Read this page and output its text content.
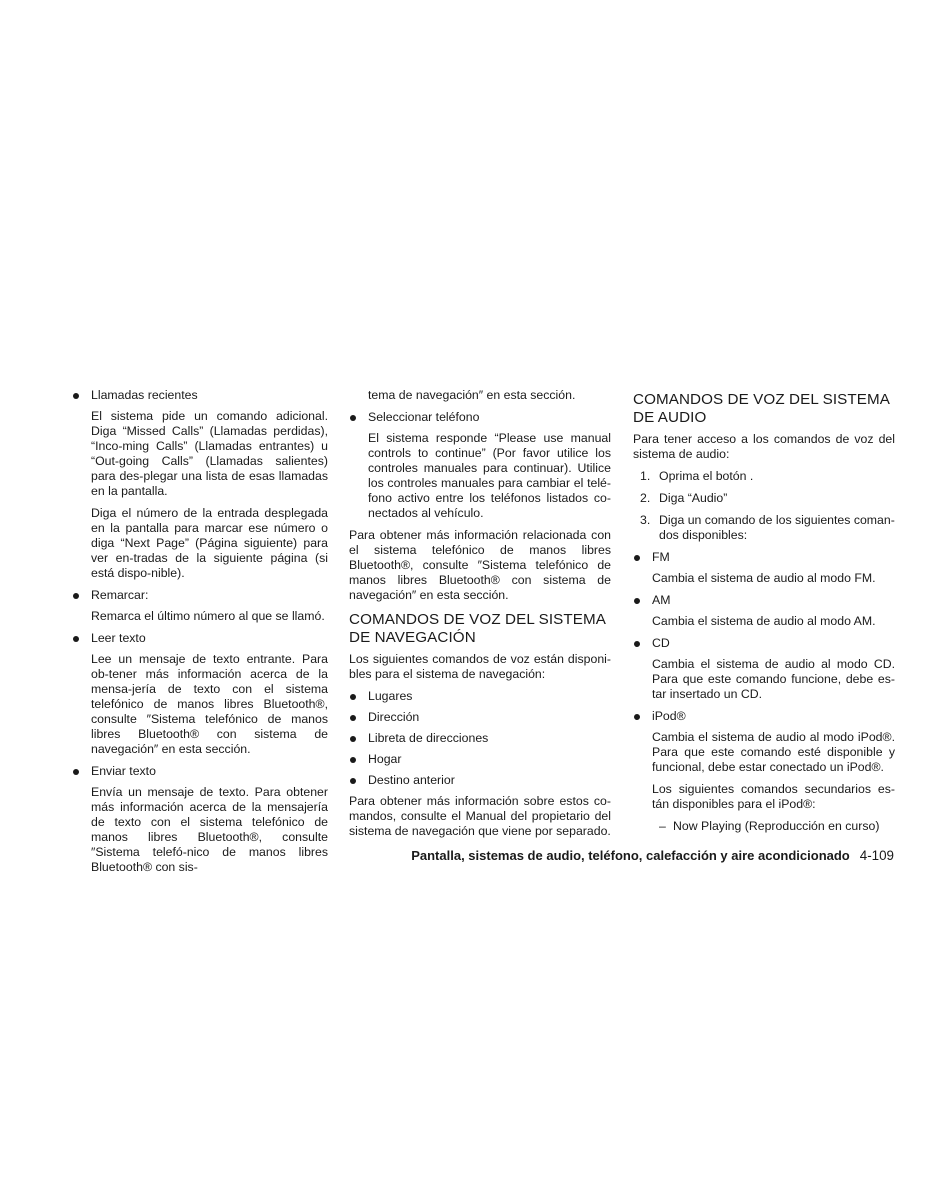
Llamadas recientes

El sistema pide un comando adicional. Diga “Missed Calls” (Llamadas perdidas), “Inco-ming Calls” (Llamadas entrantes) u “Out-going Calls” (Llamadas salientes) para des-plegar una lista de esas llamadas en la pantalla.

Diga el número de la entrada desplegada en la pantalla para marcar ese número o diga “Next Page” (Página siguiente) para ver en-tradas de la siguiente página (si está dispo-nible).

Remarcar:

Remarca el último número al que se llamó.

Leer texto

Lee un mensaje de texto entrante. Para ob-tener más información acerca de la mensa-jería de texto con el sistema telefónico de manos libres Bluetooth®, consulte ″Sistema telefónico de manos libres Bluetooth® con sistema de navegación″ en esta sección.

Enviar texto

Envía un mensaje de texto. Para obtener más información acerca de la mensajería de texto con el sistema telefónico de manos libres Bluetooth®, consulte ″Sistema telefó-nico de manos libres Bluetooth® con sis-

tema de navegación″ en esta sección.

Seleccionar teléfono

El sistema responde “Please use manual controls to continue” (Por favor utilice los controles manuales para continuar). Utilice los controles manuales para cambiar el telé-fono activo entre los teléfonos listados co-nectados al vehículo.

Para obtener más información relacionada con el sistema telefónico de manos libres Bluetooth®, consulte ″Sistema telefónico de manos libres Bluetooth® con sistema de navegación″ en esta sección.

COMANDOS DE VOZ DEL SISTEMA DE NAVEGACIÓN

Los siguientes comandos de voz están disponi-bles para el sistema de navegación:

Lugares
Dirección
Libreta de direcciones
Hogar
Destino anterior

Para obtener más información sobre estos co-mandos, consulte el Manual del propietario del sistema de navegación que viene por separado.

COMANDOS DE VOZ DEL SISTEMA DE AUDIO

Para tener acceso a los comandos de voz del sistema de audio:

1. Oprima el botón .
2. Diga “Audio”
3. Diga un comando de los siguientes coman-dos disponibles:
FM

Cambia el sistema de audio al modo FM.

AM

Cambia el sistema de audio al modo AM.

CD

Cambia el sistema de audio al modo CD. Para que este comando funcione, debe es-tar insertado un CD.

iPod®

Cambia el sistema de audio al modo iPod®. Para que este comando esté disponible y funcional, debe estar conectado un iPod®.

Los siguientes comandos secundarios es-tán disponibles para el iPod®:

– Now Playing (Reproducción en curso)
Pantalla, sistemas de audio, teléfono, calefacción y aire acondicionado 4-109
